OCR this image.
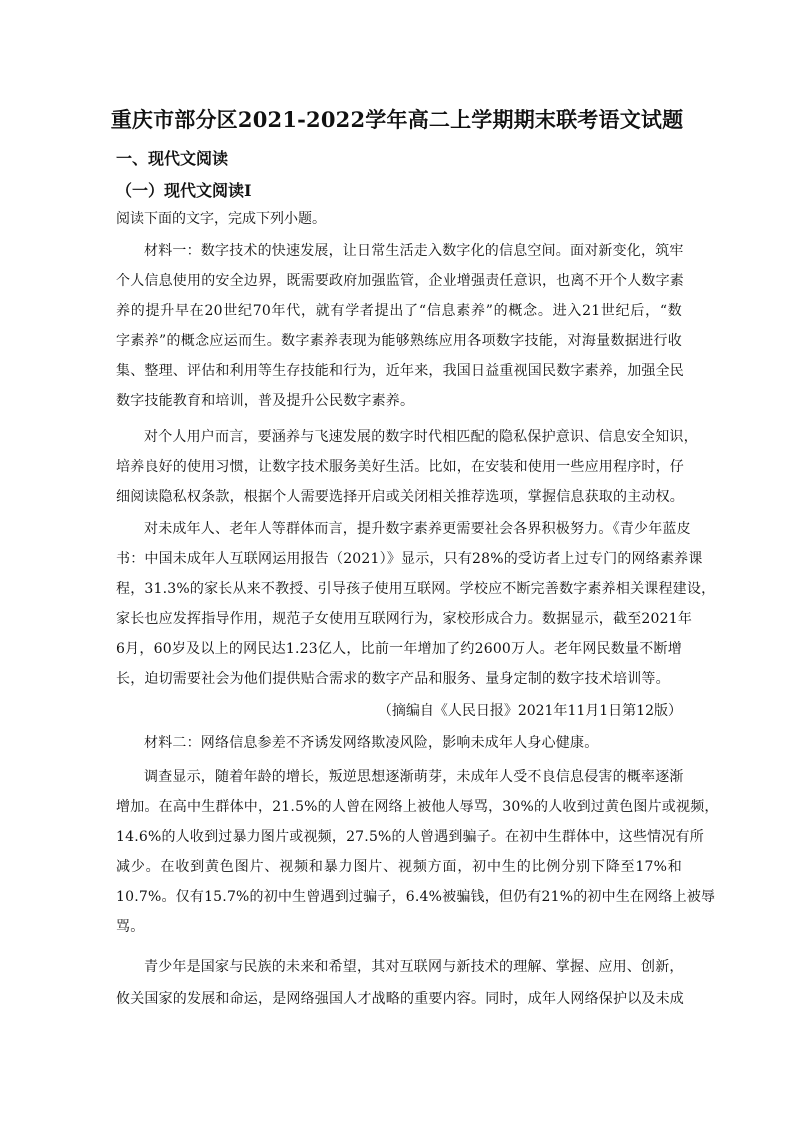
重庆市部分区2021-2022学年高二上学期期末联考语文试题
一、现代文阅读
（一）现代文阅读Ⅰ
阅读下面的文字，完成下列小题。
材料一：数字技术的快速发展，让日常生活走入数字化的信息空间。面对新变化，筑牢
个人信息使用的安全边界，既需要政府加强监管，企业增强责任意识，也离不开个人数字素
养的提升早在20世纪70年代，就有学者提出了“信息素养”的概念。进入21世纪后，“数
字素养”的概念应运而生。数字素养表现为能够熟练应用各项数字技能，对海量数据进行收
集、整理、评估和利用等生存技能和行为，近年来，我国日益重视国民数字素养，加强全民
数字技能教育和培训，普及提升公民数字素养。
对个人用户而言，要涵养与飞速发展的数字时代相匹配的隐私保护意识、信息安全知识，
培养良好的使用习惯，让数字技术服务美好生活。比如，在安装和使用一些应用程序时，仔
细阅读隐私权条款，根据个人需要选择开启或关闭相关推荐选项，掌握信息获取的主动权。
对未成年人、老年人等群体而言，提升数字素养更需要社会各界积极努力。《青少年蓝皮
书：中国未成年人互联网运用报告（2021）》显示，只有28%的受访者上过专门的网络素养课
程，31.3%的家长从来不教授、引导孩子使用互联网。学校应不断完善数字素养相关课程建设，
家长也应发挥指导作用，规范子女使用互联网行为，家校形成合力。数据显示，截至2021年
6月，60岁及以上的网民达1.23亿人，比前一年增加了约2600万人。老年网民数量不断增
长，迫切需要社会为他们提供贴合需求的数字产品和服务、量身定制的数字技术培训等。
（摘编自《人民日报》2021年11月1日第12版）
材料二：网络信息参差不齐诱发网络欺凌风险，影响未成年人身心健康。
调查显示，随着年龄的增长，叛逆思想逐渐萌芽，未成年人受不良信息侵害的概率逐渐
增加。在高中生群体中，21.5%的人曾在网络上被他人辱骂，30%的人收到过黄色图片或视频，
14.6%的人收到过暴力图片或视频，27.5%的人曾遇到骗子。在初中生群体中，这些情况有所
减少。在收到黄色图片、视频和暴力图片、视频方面，初中生的比例分别下降至17%和
10.7%。仅有15.7%的初中生曾遇到过骗子，6.4%被骗钱，但仍有21%的初中生在网络上被辱
骂。
青少年是国家与民族的未来和希望，其对互联网与新技术的理解、掌握、应用、创新，
攸关国家的发展和命运，是网络强国人才战略的重要内容。同时，成年人网络保护以及未成
